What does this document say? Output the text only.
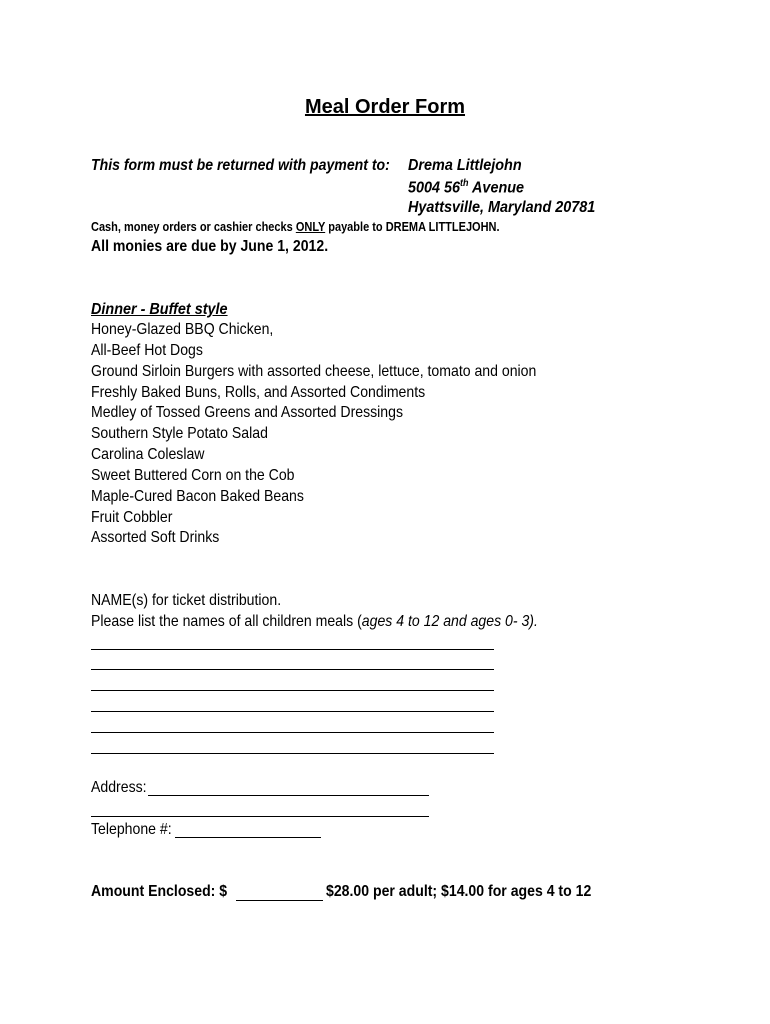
Meal Order Form
This form must be returned with payment to: Drema Littlejohn
5004 56th Avenue
Hyattsville, Maryland 20781
Cash, money orders or cashier checks ONLY payable to DREMA LITTLEJOHN.
All monies are due by June 1, 2012.
Dinner - Buffet style
Honey-Glazed BBQ Chicken,
All-Beef Hot Dogs
Ground Sirloin Burgers with assorted cheese, lettuce, tomato and onion
Freshly Baked Buns, Rolls, and Assorted Condiments
Medley of Tossed Greens and Assorted Dressings
Southern Style Potato Salad
Carolina Coleslaw
Sweet Buttered Corn on the Cob
Maple-Cured Bacon Baked Beans
Fruit Cobbler
Assorted Soft Drinks
NAME(s) for ticket distribution.
Please list the names of all children meals (ages 4 to 12 and ages 0- 3).
Address:
Telephone #:
Amount Enclosed: $	$28.00 per adult; $14.00 for ages 4 to 12
